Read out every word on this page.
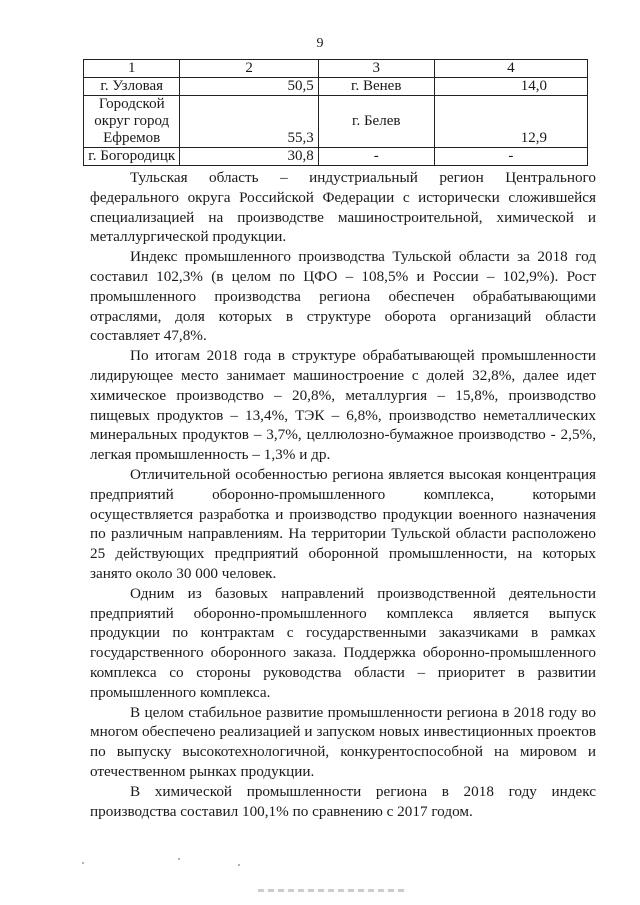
9
1	2	3	4
г. Узловая	50,5	г. Венев	14,0
Городской округ город Ефремов	55,3	г. Белев	12,9
г. Богородицк	30,8	-	-

Тульская область – индустриальный регион Центрального федерального округа Российской Федерации с исторически сложившейся специализацией на производстве машиностроительной, химической и металлургической продукции.

Индекс промышленного производства Тульской области за 2018 год составил 102,3% (в целом по ЦФО – 108,5% и России – 102,9%). Рост промышленного производства региона обеспечен обрабатывающими отраслями, доля которых в структуре оборота организаций области составляет 47,8%.

По итогам 2018 года в структуре обрабатывающей промышленности лидирующее место занимает машиностроение с долей 32,8%, далее идет химическое производство – 20,8%, металлургия – 15,8%, производство пищевых продуктов – 13,4%, ТЭК – 6,8%, производство неметаллических минеральных продуктов – 3,7%, целлюлозно-бумажное производство - 2,5%, легкая промышленность – 1,3% и др.

Отличительной особенностью региона является высокая концентрация предприятий оборонно-промышленного комплекса, которыми осуществляется разработка и производство продукции военного назначения по различным направлениям. На территории Тульской области расположено 25 действующих предприятий оборонной промышленности, на которых занято около 30 000 человек.

Одним из базовых направлений производственной деятельности предприятий оборонно-промышленного комплекса является выпуск продукции по контрактам с государственными заказчиками в рамках государственного оборонного заказа. Поддержка оборонно-промышленного комплекса со стороны руководства области – приоритет в развитии промышленного комплекса.

В целом стабильное развитие промышленности региона в 2018 году во многом обеспечено реализацией и запуском новых инвестиционных проектов по выпуску высокотехнологичной, конкурентоспособной на мировом и отечественном рынках продукции.

В химической промышленности региона в 2018 году индекс производства составил 100,1% по сравнению с 2017 годом.
